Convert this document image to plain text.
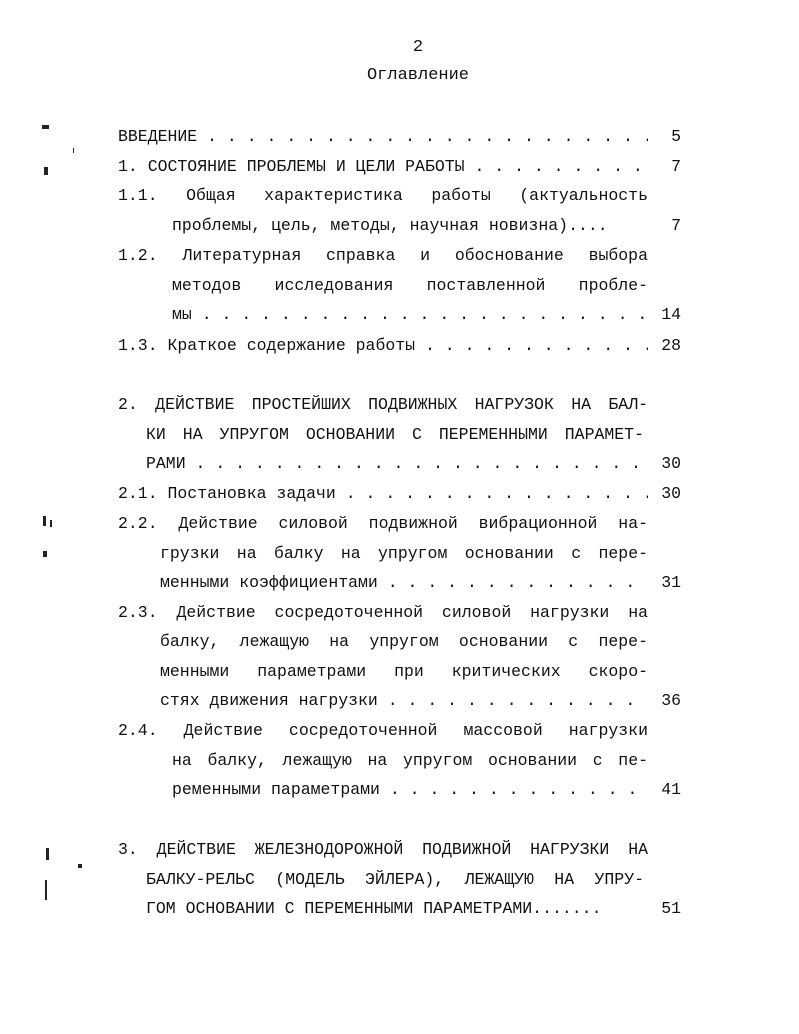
2
Оглавление
ВВЕДЕНИЕ . . .	5
1. СОСТОЯНИЕ ПРОБЛЕМЫ И ЦЕЛИ РАБОТЫ . . .	7
1.1. Общая характеристика работы (актуальность
проблемы, цель, методы, научная новизна)....	7
1.2. Литературная справка и обоснование выбора
методов исследования поставленной пробле-
мы . . .	14
1.3. Краткое содержание работы . . .	28
2. ДЕЙСТВИЕ ПРОСТЕЙШИХ ПОДВИЖНЫХ НАГРУЗОК НА БАЛ-
КИ НА УПРУГОМ ОСНОВАНИИ С ПЕРЕМЕННЫМИ ПАРАМЕТ-
РАМИ . . .	30
2.1. Постановка задачи . . .	30
2.2. Действие силовой подвижной вибрационной на-
грузки на балку на упругом основании с пере-
менными коэффициентами . . .	31
2.3. Действие сосредоточенной силовой нагрузки на
балку, лежащую на упругом основании с пере-
менными параметрами при критических скоро-
стях движения нагрузки . . .	36
2.4. Действие сосредоточенной массовой нагрузки
на балку, лежащую на упругом основании с пе-
ременными параметрами . . .	41
3. ДЕЙСТВИЕ ЖЕЛЕЗНОДОРОЖНОЙ ПОДВИЖНОЙ НАГРУЗКИ НА
БАЛКУ-РЕЛЬС (МОДЕЛЬ ЭЙЛЕРА), ЛЕЖАЩУЮ НА УПРУ-
ГОМ ОСНОВАНИИ С ПЕРЕМЕННЫМИ ПАРАМЕТРАМИ.......	51
